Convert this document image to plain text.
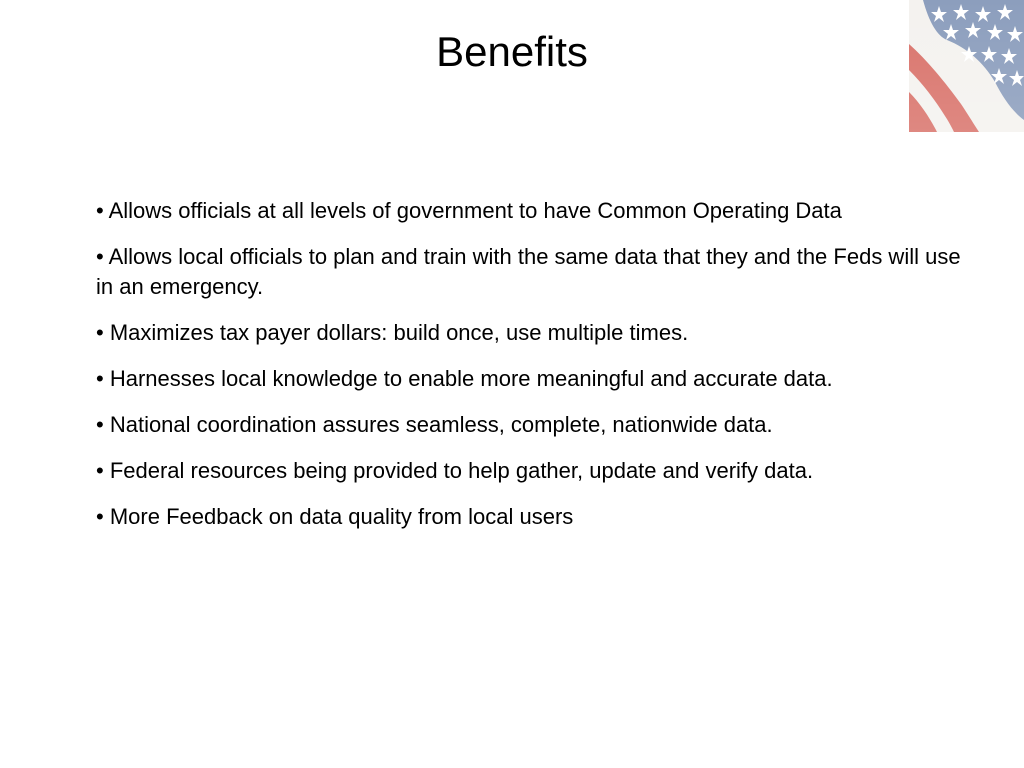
Benefits
• Allows officials at all levels of government to have Common Operating Data
• Allows local officials to plan and train with the same data that they and the Feds will use in an emergency.
• Maximizes tax payer dollars: build once, use multiple times.
• Harnesses local knowledge to enable more meaningful and accurate data.
• National coordination assures seamless, complete, nationwide data.
• Federal resources being provided to help gather, update and verify data.
• More Feedback on data quality from local users
